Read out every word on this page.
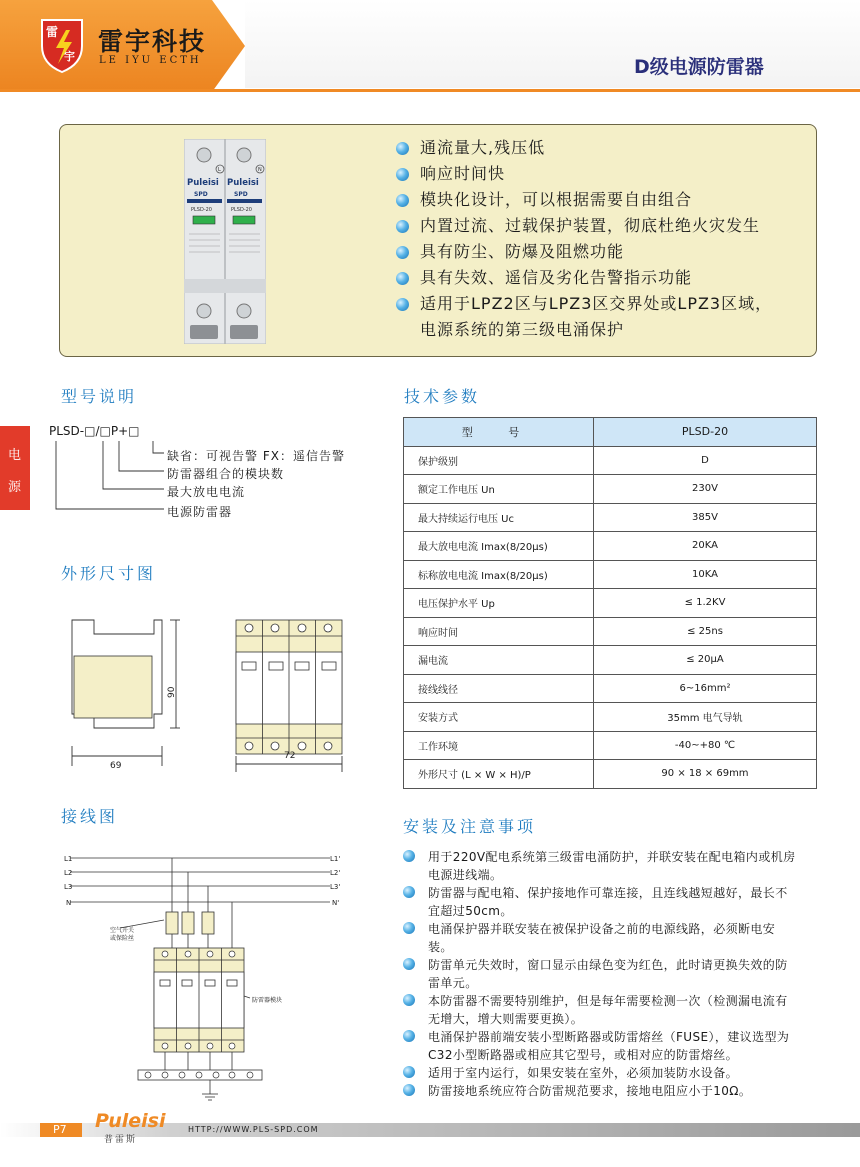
雷
宇
雷宇科技
LE IYU ECTH	D级电源防雷器
L	N
Puleisi Puleisi
SPD	SPD
PLSD-20	PLSD-20
通流量大,残压低
响应时间快
模块化设计，可以根据需要自由组合
内置过流、过载保护装置，彻底杜绝火灾发生
具有防尘、防爆及阻燃功能
具有失效、遥信及劣化告警指示功能
适用于LPZ2区与LPZ3区交界处或LPZ3区域，
电源系统的第三级电涌保护
电
源
型号说明
PLSD-□/□P+□
缺省：可视告警 FX：遥信告警
防雷器组合的模块数
最大放电电流
电源防雷器
外形尺寸图
69
90
72
接线图
L1
L2
L3
N
L1'
L2'
L3'
N'
空气开关
或保险丝
防雷器模块
技术参数
型 号	PLSD-20
保护级别	D
额定工作电压 Un	230V
最大持续运行电压 Uc	385V
最大放电电流 Imax(8/20μs)	20KA
标称放电电流 Imax(8/20μs)	10KA
电压保护水平 Up	≤ 1.2KV
响应时间	≤ 25ns
漏电流	≤ 20μA
接线线径	6~16mm²
安装方式	35mm 电气导轨
工作环境	-40~+80 ℃
外形尺寸 (L × W × H)/P	90 × 18 × 69mm
安装及注意事项
用于220V配电系统第三级雷电涌防护，并联安装在配电箱内或机房
电源进线端。
防雷器与配电箱、保护接地作可靠连接，且连线越短越好，最长不
宜超过50cm。
电涌保护器并联安装在被保护设备之前的电源线路，必须断电安
装。
防雷单元失效时，窗口显示由绿色变为红色，此时请更换失效的防
雷单元。
本防雷器不需要特别维护，但是每年需要检测一次（检测漏电流有
无增大，增大则需要更换）。
电涌保护器前端安装小型断路器或防雷熔丝（FUSE），建议选型为
C32小型断路器或相应其它型号，或相对应的防雷熔丝。
适用于室内运行，如果安装在室外，必须加装防水设备。
防雷接地系统应符合防雷规范要求，接地电阻应小于10Ω。
P7 Puleisi
普雷斯
HTTP://WWW.PLS-SPD.COM
